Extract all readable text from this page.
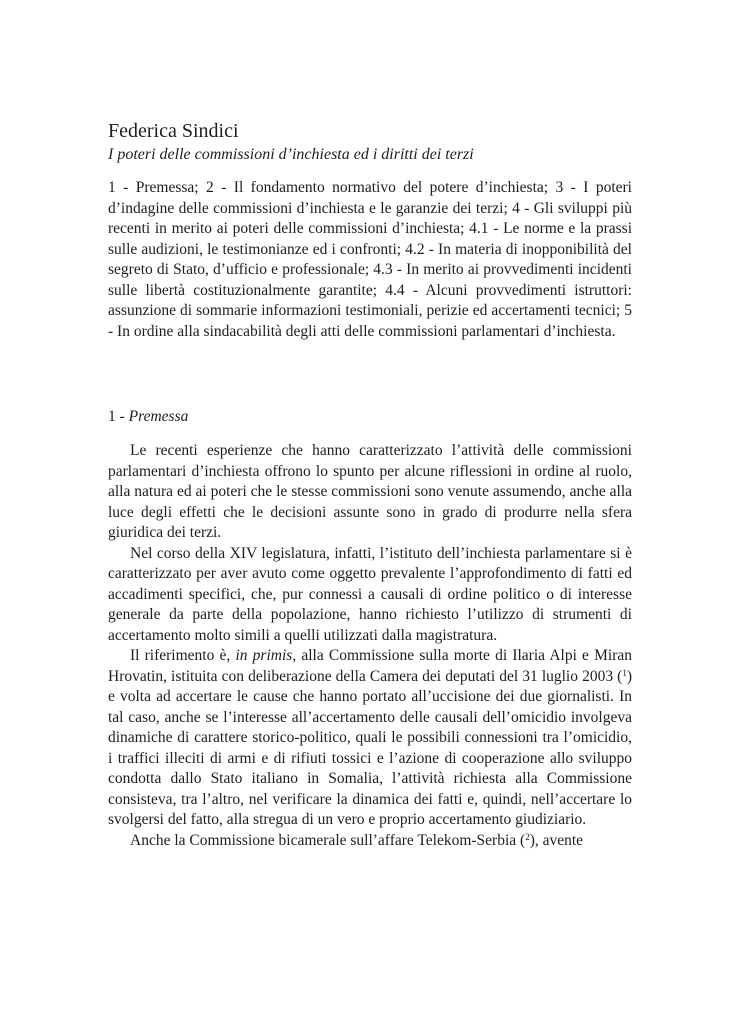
Federica Sindici
I poteri delle commissioni d’inchiesta ed i diritti dei terzi

1 - Premessa; 2 - Il fondamento normativo del potere d’inchiesta; 3 - I poteri d’indagine delle commissioni d’inchiesta e le garanzie dei terzi; 4 - Gli sviluppi più recenti in merito ai poteri delle commissioni d’inchiesta; 4.1 - Le norme e la prassi sulle audizioni, le testimonianze ed i confronti; 4.2 - In materia di inopponibilità del segreto di Stato, d’ufficio e professionale; 4.3 - In merito ai provvedimenti incidenti sulle libertà costituzionalmente garantite; 4.4 - Alcuni provvedimenti istruttori: assunzione di sommarie informazioni testimoniali, perizie ed accertamenti tecnici; 5 - In ordine alla sindacabilità degli atti delle commissioni parlamentari d’inchiesta.

1 - Premessa

Le recenti esperienze che hanno caratterizzato l’attività delle commissioni parlamentari d’inchiesta offrono lo spunto per alcune riflessioni in ordine al ruolo, alla natura ed ai poteri che le stesse commissioni sono venute assumendo, anche alla luce degli effetti che le decisioni assunte sono in grado di produrre nella sfera giuridica dei terzi.

Nel corso della XIV legislatura, infatti, l’istituto dell’inchiesta parlamentare si è caratterizzato per aver avuto come oggetto prevalente l’approfondimento di fatti ed accadimenti specifici, che, pur connessi a causali di ordine politico o di interesse generale da parte della popolazione, hanno richiesto l’utilizzo di strumenti di accertamento molto simili a quelli utilizzati dalla magistratura.

Il riferimento è, in primis, alla Commissione sulla morte di Ilaria Alpi e Miran Hrovatin, istituita con deliberazione della Camera dei deputati del 31 luglio 2003 ($^1$) e volta ad accertare le cause che hanno portato all’uccisione dei due giornalisti. In tal caso, anche se l’interesse all’accertamento delle causali dell’omicidio involgeva dinamiche di carattere storico-politico, quali le possibili connessioni tra l’omicidio, i traffici illeciti di armi e di rifiuti tossici e l’azione di cooperazione allo sviluppo condotta dallo Stato italiano in Somalia, l’attività richiesta alla Commissione consisteva, tra l’altro, nel verificare la dinamica dei fatti e, quindi, nell’accertare lo svolgersi del fatto, alla stregua di un vero e proprio accertamento giudiziario.

Anche la Commissione bicamerale sull’affare Telekom-Serbia ($^2$), avente
